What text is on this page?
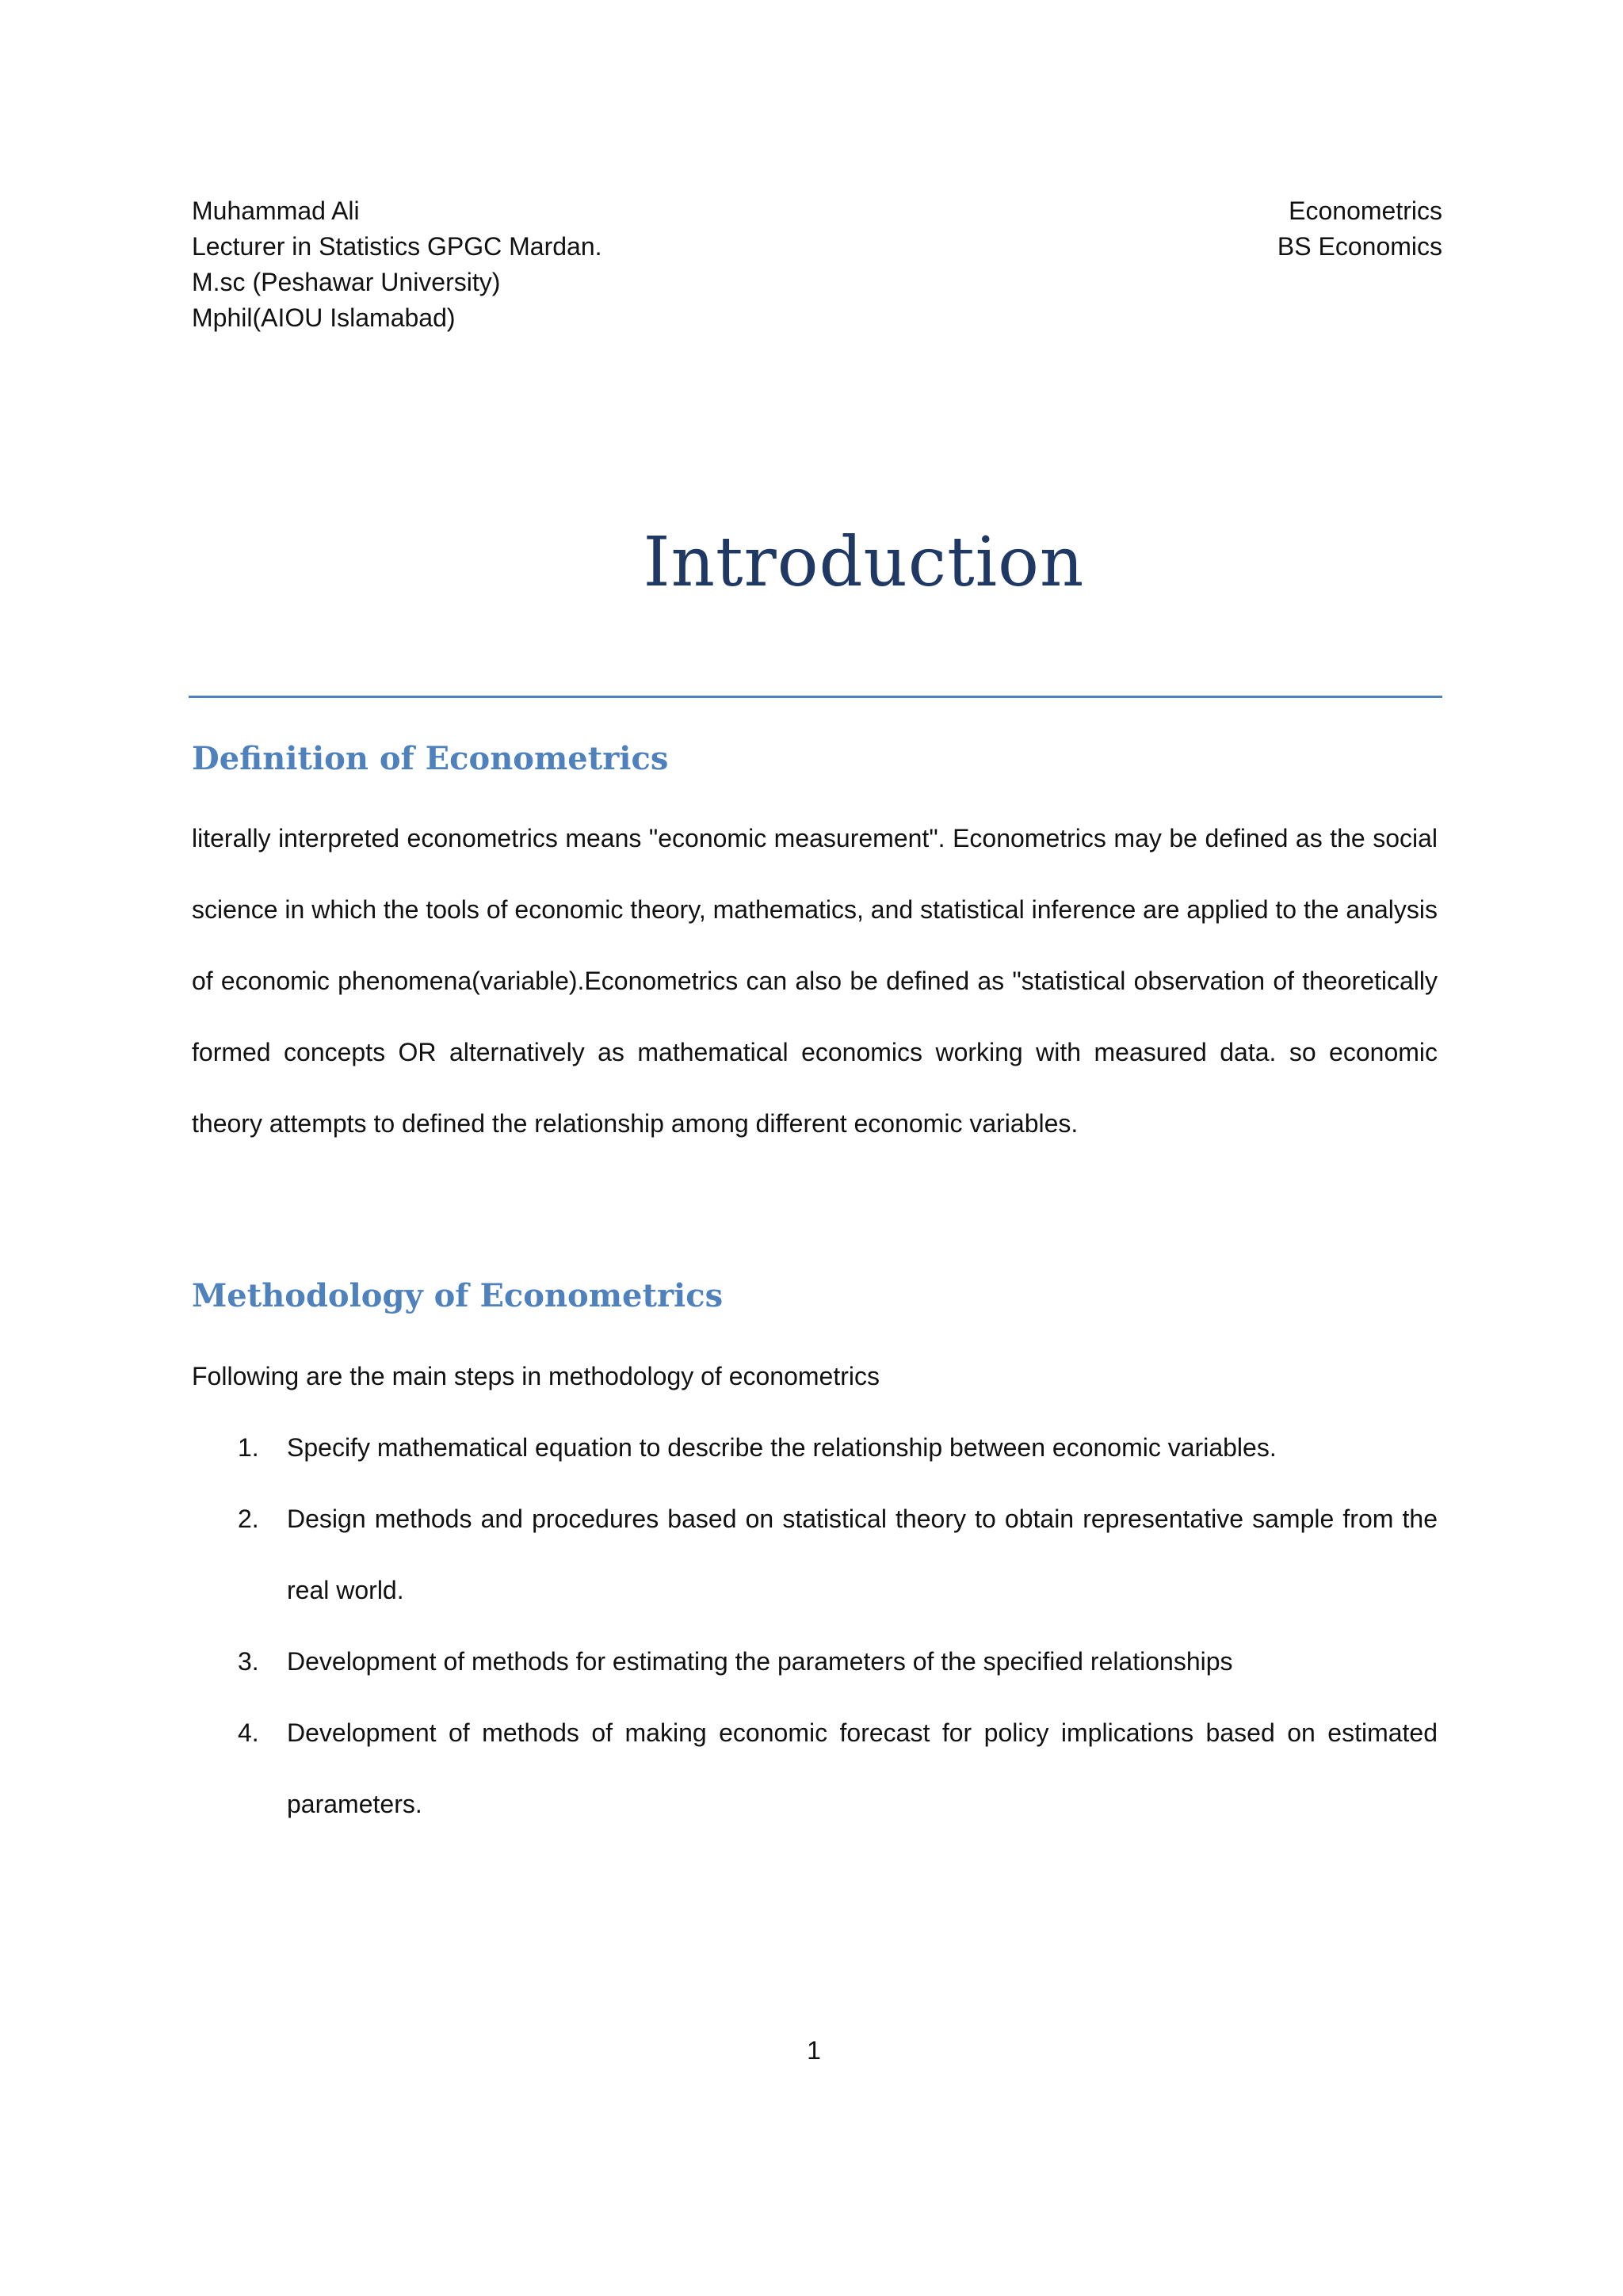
Muhammad Ali
Lecturer in Statistics GPGC Mardan.
M.sc (Peshawar University)
Mphil(AIOU Islamabad)
Econometrics
BS Economics
Introduction
Definition of Econometrics

literally interpreted econometrics means "economic measurement". Econometrics may be defined as the social science in which the tools of economic theory, mathematics, and statistical inference are applied to the analysis of economic phenomena(variable).Econometrics can also be defined as "statistical observation of theoretically formed concepts OR alternatively as mathematical economics working with measured data. so economic theory attempts to defined the relationship among different economic variables.

Methodology of Econometrics

Following are the main steps in methodology of econometrics

1. Specify mathematical equation to describe the relationship between economic variables.
2. Design methods and procedures based on statistical theory to obtain representative sample from the real world.
3. Development of methods for estimating the parameters of the specified relationships
4. Development of methods of making economic forecast for policy implications based on estimated parameters.
1
